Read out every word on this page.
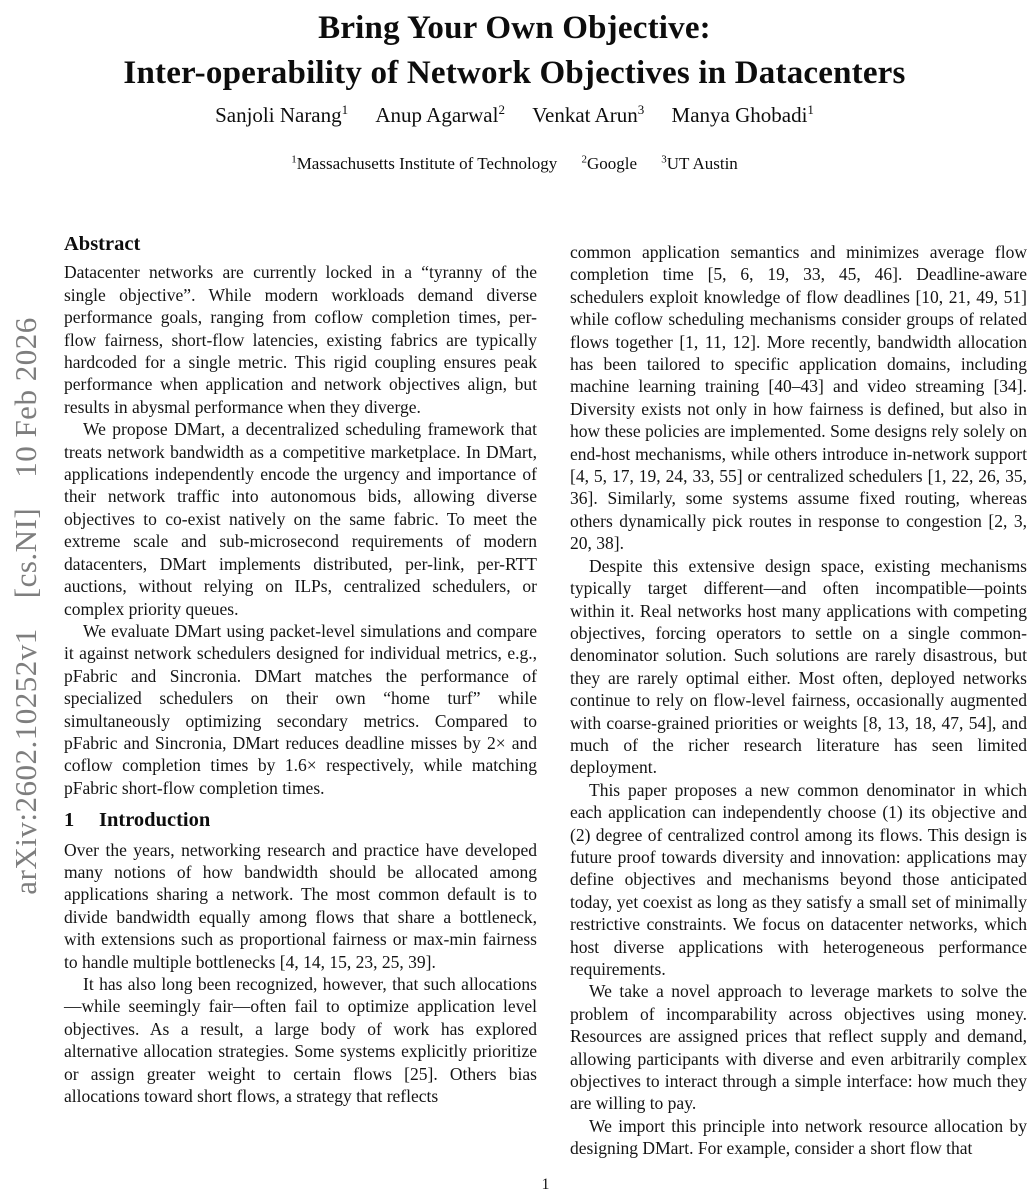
arXiv:2602.10252v1[cs.NI]10 Feb 2026
Bring Your Own Objective:
Inter-operability of Network Objectives in Datacenters
Sanjoli Narang$^1$ Anup Agarwal$^2$ Venkat Arun$^3$ Manya Ghobadi$^1$
$^1$Massachusetts Institute of Technology $^2$Google $^3$UT Austin
Abstract

Datacenter networks are currently locked in a “tyranny of the single objective”. While modern workloads demand diverse performance goals, ranging from coflow completion times, per-flow fairness, short-flow latencies, existing fabrics are typically hardcoded for a single metric. This rigid coupling ensures peak performance when application and network objectives align, but results in abysmal performance when they diverge.

We propose DMart, a decentralized scheduling framework that treats network bandwidth as a competitive marketplace. In DMart, applications independently encode the urgency and importance of their network traffic into autonomous bids, allowing diverse objectives to co-exist natively on the same fabric. To meet the extreme scale and sub-microsecond requirements of modern datacenters, DMart implements distributed, per-link, per-RTT auctions, without relying on ILPs, centralized schedulers, or complex priority queues.

We evaluate DMart using packet-level simulations and compare it against network schedulers designed for individual metrics, e.g., pFabric and Sincronia. DMart matches the performance of specialized schedulers on their own “home turf” while simultaneously optimizing secondary metrics. Compared to pFabric and Sincronia, DMart reduces deadline misses by 2× and coflow completion times by 1.6× respectively, while matching pFabric short-flow completion times.

1 Introduction

Over the years, networking research and practice have developed many notions of how bandwidth should be allocated among applications sharing a network. The most common default is to divide bandwidth equally among flows that share a bottleneck, with extensions such as proportional fairness or max-min fairness to handle multiple bottlenecks [4, 14, 15, 23, 25, 39].

It has also long been recognized, however, that such allocations—while seemingly fair—often fail to optimize application level objectives. As a result, a large body of work has explored alternative allocation strategies. Some systems explicitly prioritize or assign greater weight to certain flows [25]. Others bias allocations toward short flows, a strategy that reflects

common application semantics and minimizes average flow completion time [5, 6, 19, 33, 45, 46]. Deadline-aware schedulers exploit knowledge of flow deadlines [10, 21, 49, 51] while coflow scheduling mechanisms consider groups of related flows together [1, 11, 12]. More recently, bandwidth allocation has been tailored to specific application domains, including machine learning training [40–43] and video streaming [34]. Diversity exists not only in how fairness is defined, but also in how these policies are implemented. Some designs rely solely on end-host mechanisms, while others introduce in-network support [4, 5, 17, 19, 24, 33, 55] or centralized schedulers [1, 22, 26, 35, 36]. Similarly, some systems assume fixed routing, whereas others dynamically pick routes in response to congestion [2, 3, 20, 38].

Despite this extensive design space, existing mechanisms typically target different—and often incompatible—points within it. Real networks host many applications with competing objectives, forcing operators to settle on a single common-denominator solution. Such solutions are rarely disastrous, but they are rarely optimal either. Most often, deployed networks continue to rely on flow-level fairness, occasionally augmented with coarse-grained priorities or weights [8, 13, 18, 47, 54], and much of the richer research literature has seen limited deployment.

This paper proposes a new common denominator in which each application can independently choose (1) its objective and (2) degree of centralized control among its flows. This design is future proof towards diversity and innovation: applications may define objectives and mechanisms beyond those anticipated today, yet coexist as long as they satisfy a small set of minimally restrictive constraints. We focus on datacenter networks, which host diverse applications with heterogeneous performance requirements.

We take a novel approach to leverage markets to solve the problem of incomparability across objectives using money. Resources are assigned prices that reflect supply and demand, allowing participants with diverse and even arbitrarily complex objectives to interact through a simple interface: how much they are willing to pay.

We import this principle into network resource allocation by designing DMart. For example, consider a short flow that

1
